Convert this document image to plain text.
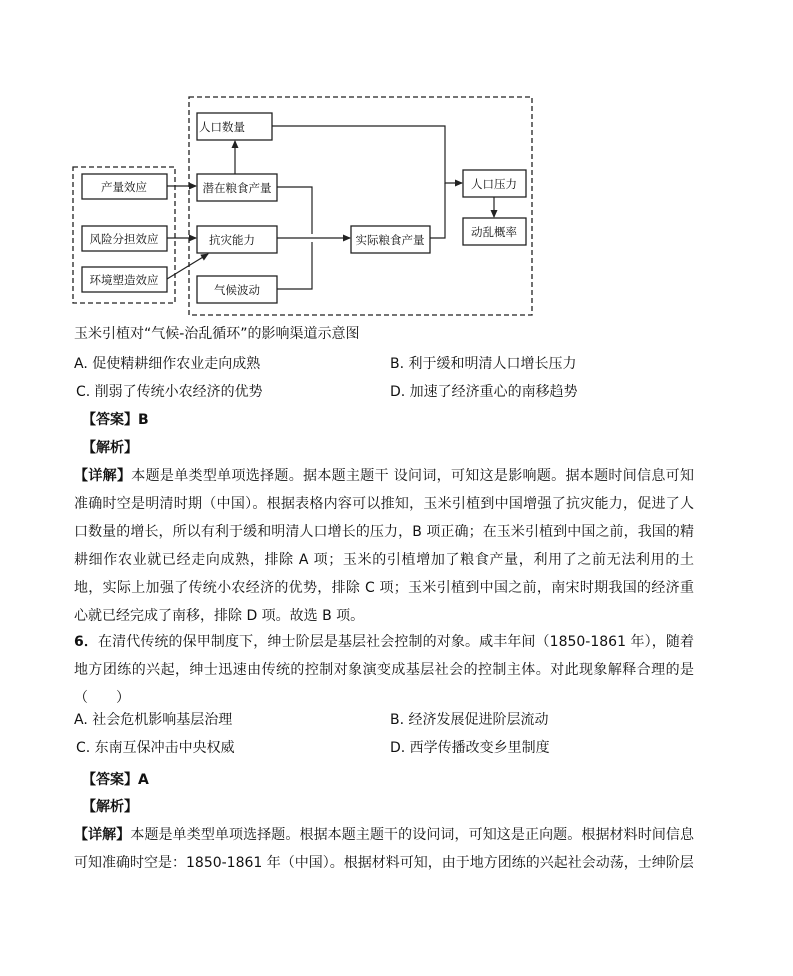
人口数量
潜在粮食产量
抗灾能力
气候波动
实际粮食产量
人口压力
动乱概率
产量效应
风险分担效应
环境塑造效应
玉米引植对“气候-治乱循环”的影响渠道示意图
A. 促使精耕细作农业走向成熟	B. 利于缓和明清人口增长压力
C. 削弱了传统小农经济的优势	D. 加速了经济重心的南移趋势
【答案】B
【解析】
【详解】本题是单类型单项选择题。据本题主题干 设问词，可知这是影响题。据本题时间信息可知准确时空是明清时期（中国）。根据表格内容可以推知，玉米引植到中国增强了抗灾能力，促进了人口数量的增长，所以有利于缓和明清人口增长的压力，B 项正确；在玉米引植到中国之前，我国的精耕细作农业就已经走向成熟，排除 A 项；玉米的引植增加了粮食产量，利用了之前无法利用的土地，实际上加强了传统小农经济的优势，排除 C 项；玉米引植到中国之前，南宋时期我国的经济重心就已经完成了南移，排除 D 项。故选 B 项。
6．在清代传统的保甲制度下，绅士阶层是基层社会控制的对象。咸丰年间（1850-1861 年），随着地方团练的兴起，绅士迅速由传统的控制对象演变成基层社会的控制主体。对此现象解释合理的是（　　）
A. 社会危机影响基层治理	B. 经济发展促进阶层流动
C. 东南互保冲击中央权威	D. 西学传播改变乡里制度
【答案】A
【解析】
【详解】本题是单类型单项选择题。根据本题主题干的设问词，可知这是正向题。根据材料时间信息可知准确时空是：1850-1861 年（中国）。根据材料可知，由于地方团练的兴起社会动荡，士绅阶层
